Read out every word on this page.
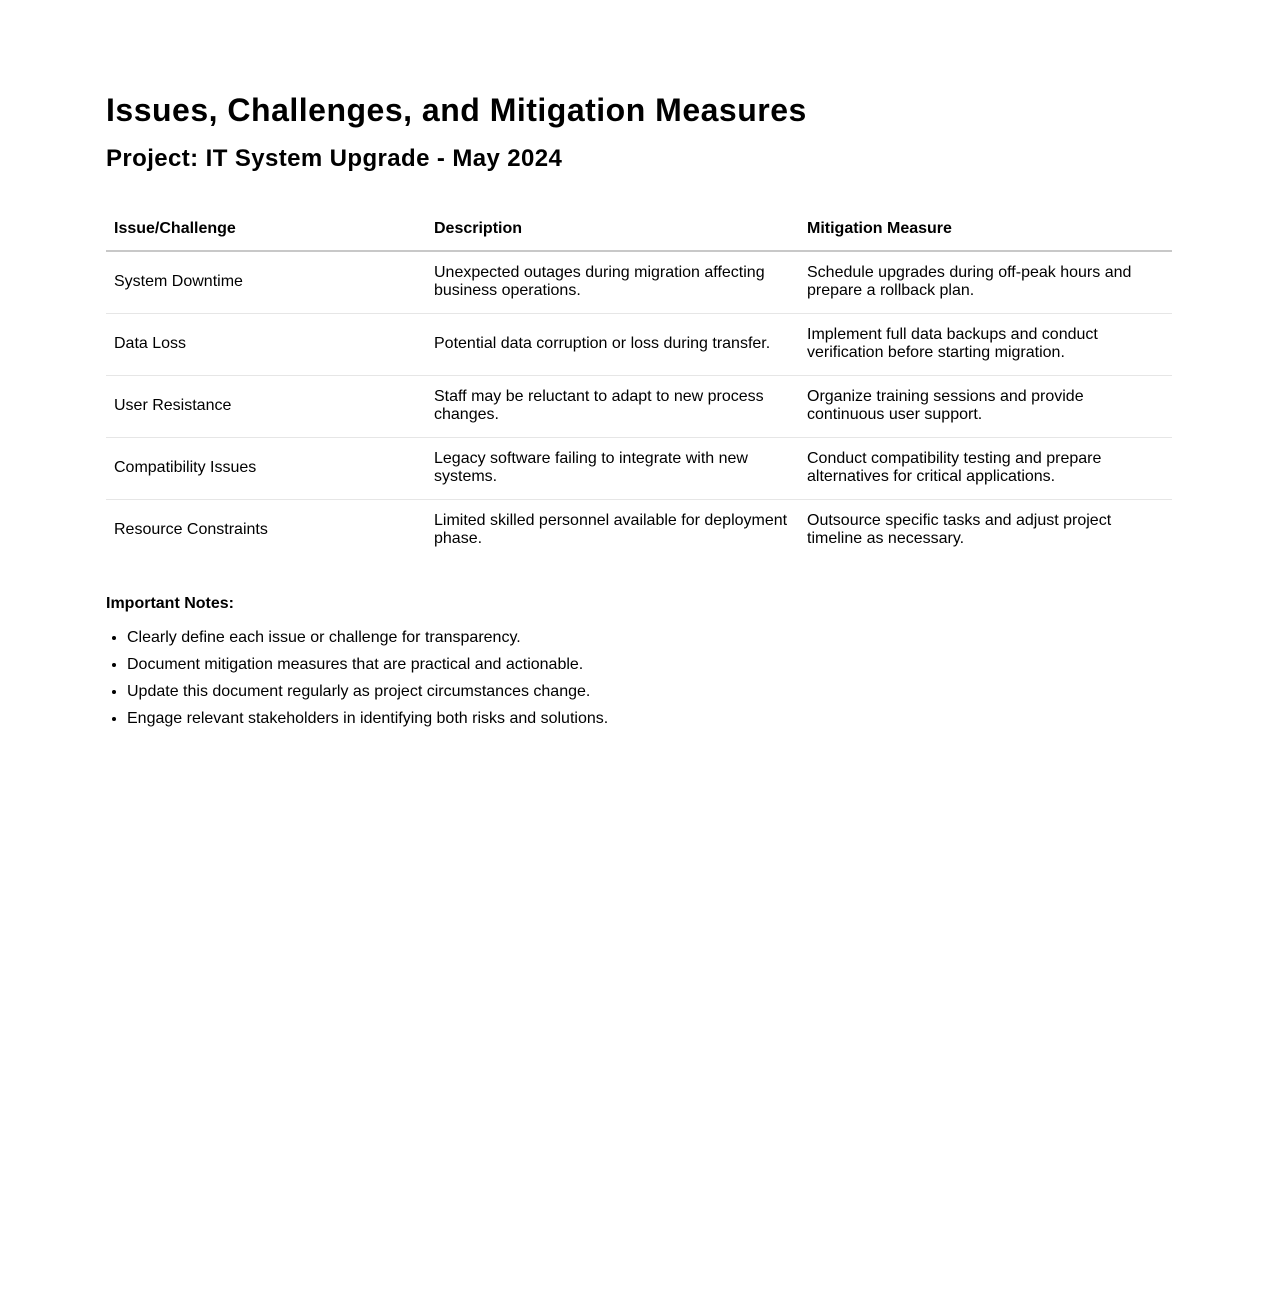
Issues, Challenges, and Mitigation Measures
Project: IT System Upgrade - May 2024
Issue/Challenge	Description	Mitigation Measure
System Downtime	Unexpected outages during migration affecting business operations.	Schedule upgrades during off-peak hours and prepare a rollback plan.
Data Loss	Potential data corruption or loss during transfer.	Implement full data backups and conduct verification before starting migration.
User Resistance	Staff may be reluctant to adapt to new process changes.	Organize training sessions and provide continuous user support.
Compatibility Issues	Legacy software failing to integrate with new systems.	Conduct compatibility testing and prepare alternatives for critical applications.
Resource Constraints	Limited skilled personnel available for deployment phase.	Outsource specific tasks and adjust project timeline as necessary.
Important Notes:
• Clearly define each issue or challenge for transparency.
• Document mitigation measures that are practical and actionable.
• Update this document regularly as project circumstances change.
• Engage relevant stakeholders in identifying both risks and solutions.
